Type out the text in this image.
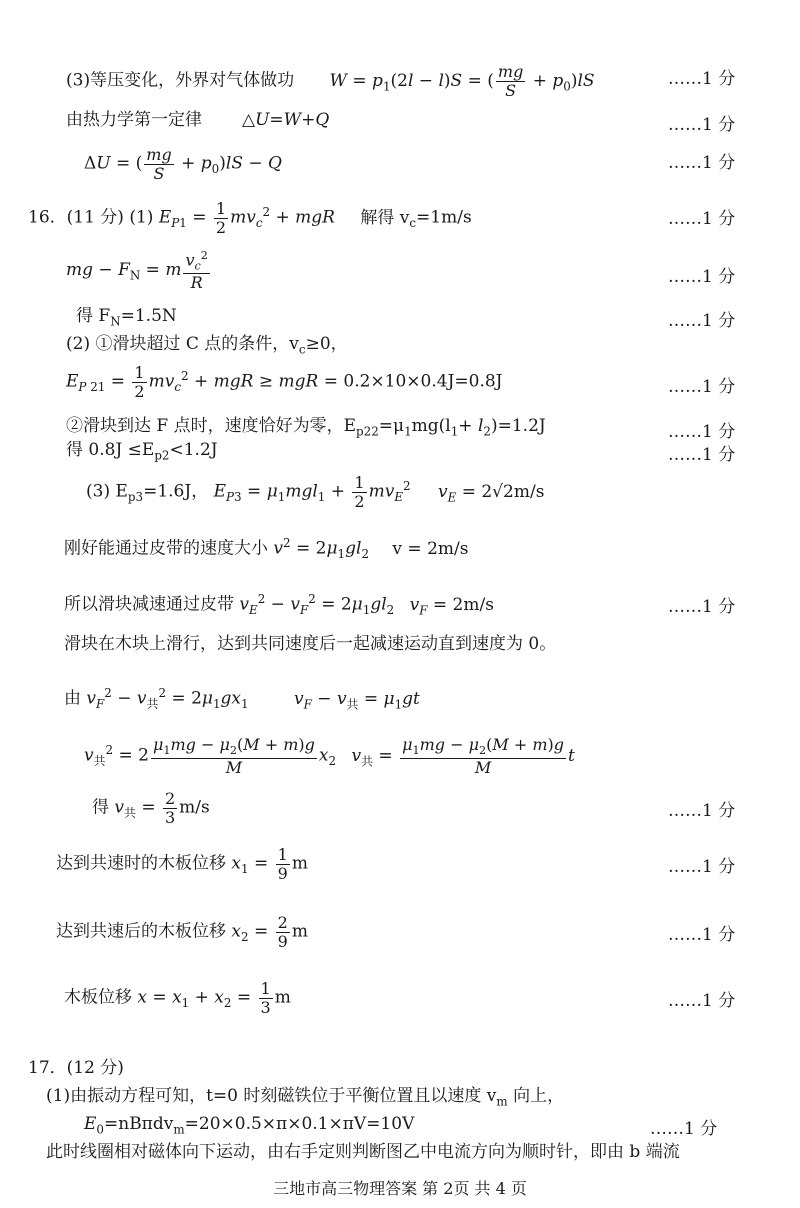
(3)等压变化，外界对气体做功 $W = p_1(2l - l)S$ = ( $\frac{mg}{S} + p_0)lS$	……1 分
由热力学第一定律 △U=W+Q	……1 分
ΔU = ( $\frac{mg}{S} + p_0)lS - Q$	……1 分
16．(11 分) (1) $E_{P1} = \frac{1}{2} mv_c^2$ + mgR 解得 $v_c=1m/s$	……1 分
mg − $F_N = m \frac{v_c^2}{R}$	……1 分
得 $F_N=1.5N$	……1 分
(2) ①滑块超过 C 点的条件，$v_c\ge 0$，
$E_{P 21} = \frac{1}{2} mv_c^2$ + mgR ≥ mgR = 0.2×10×0.4J=0.8J	……1 分
②滑块到达 F 点时，速度恰好为零，$E_{p22}=\mu_1mg(l_1+ l_2)=1.2J$	……1 分
得 $0.8J \le E_{p2}<1.2J$	……1 分
(3) $E_{p3}=1.6J$， $E_{P3} = \mu_1mgl_1 + \frac{1}{2} mv_E^2$ $v_E = 2√2m/s$
刚好能通过皮带的速度大小 $v^2 = 2\mu_1gl_2$ v = 2m/s
所以滑块减速通过皮带 $v_E^2 - v_F^2 = 2\mu_1gl_2$ $v_F = 2m/s$	……1 分
滑块在木块上滑行，达到共同速度后一起减速运动直到速度为 0。
由 $v_F^2 - v_共^2 = 2\mu_1gx_1$	$v_F - v_共 = \mu_1gt$
$v_共^2 = 2 \frac{\mu_1mg - \mu_2(M + m)g}{M} x_2$ $v_共 = \frac{\mu_1mg - \mu_2(M + m)g}{M}$ t
得 $v_共 = \frac{2}{3} m/s$	……1 分
达到共速时的木板位移 $x_1 = \frac{1}{9}$ m	……1 分
达到共速后的木板位移 $x_2 = \frac{2}{9}$ m	……1 分
木板位移 $x = x_1 + x_2 = \frac{1}{3}$ m	……1 分
17．(12 分)
(1)由振动方程可知，t=0 时刻磁铁位于平衡位置且以速度 $v_m$ 向上，
$E_0=nB\pi dv_m=20\times 0.5\times\pi\times 0.1\times\pi V=10V$	……1 分
此时线圈相对磁体向下运动，由右手定则判断图乙中电流方向为顺时针，即由 b 端流
三地市高三物理答案 第 2页 共 4 页
